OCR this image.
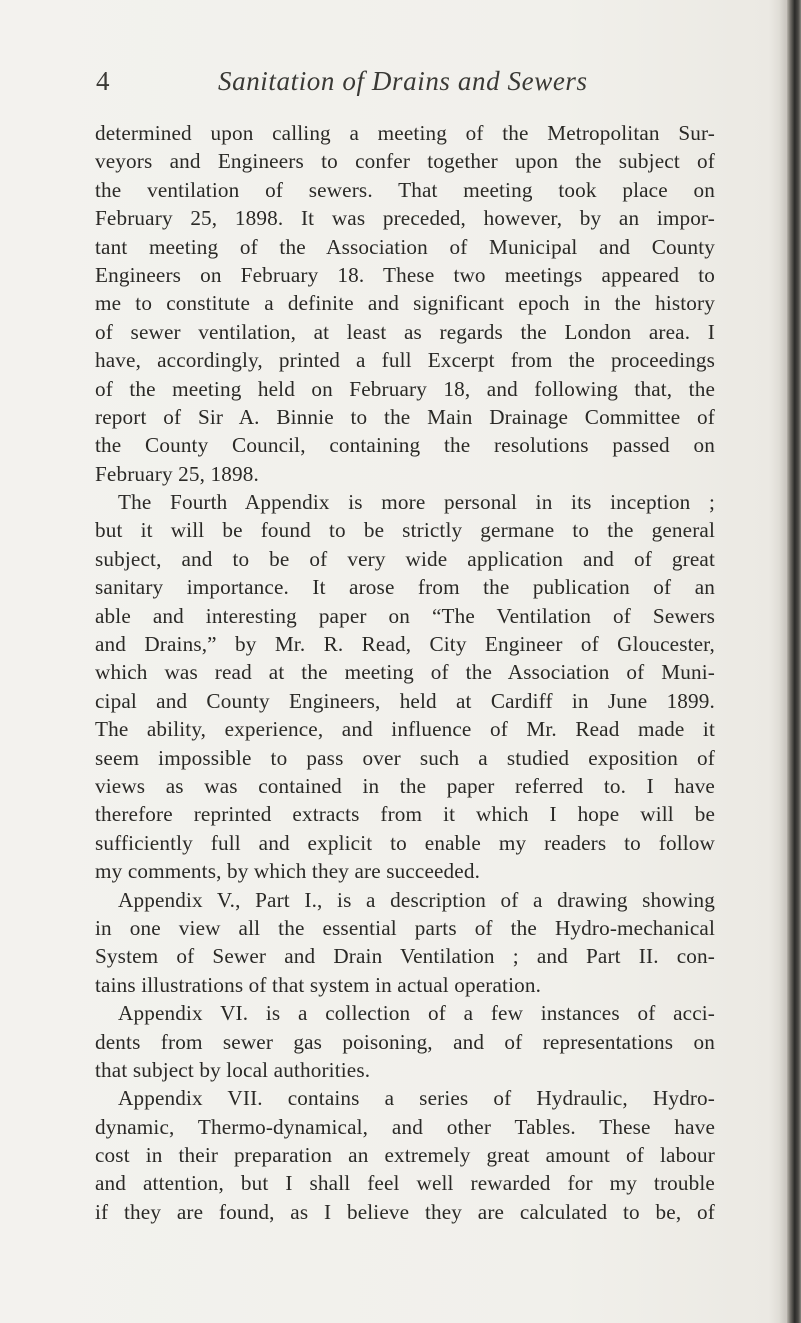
4	Sanitation of Drains and Sewers
determined upon calling a meeting of the Metropolitan Sur-
veyors and Engineers to confer together upon the subject of
the ventilation of sewers. That meeting took place on
February 25, 1898. It was preceded, however, by an impor-
tant meeting of the Association of Municipal and County
Engineers on February 18. These two meetings appeared to
me to constitute a definite and significant epoch in the history
of sewer ventilation, at least as regards the London area. I
have, accordingly, printed a full Excerpt from the proceedings
of the meeting held on February 18, and following that, the
report of Sir A. Binnie to the Main Drainage Committee of
the County Council, containing the resolutions passed on
February 25, 1898.
The Fourth Appendix is more personal in its inception ;
but it will be found to be strictly germane to the general
subject, and to be of very wide application and of great
sanitary importance. It arose from the publication of an
able and interesting paper on “The Ventilation of Sewers
and Drains,” by Mr. R. Read, City Engineer of Gloucester,
which was read at the meeting of the Association of Muni-
cipal and County Engineers, held at Cardiff in June 1899.
The ability, experience, and influence of Mr. Read made it
seem impossible to pass over such a studied exposition of
views as was contained in the paper referred to. I have
therefore reprinted extracts from it which I hope will be
sufficiently full and explicit to enable my readers to follow
my comments, by which they are succeeded.
Appendix V., Part I., is a description of a drawing showing
in one view all the essential parts of the Hydro-mechanical
System of Sewer and Drain Ventilation ; and Part II. con-
tains illustrations of that system in actual operation.
Appendix VI. is a collection of a few instances of acci-
dents from sewer gas poisoning, and of representations on
that subject by local authorities.
Appendix VII. contains a series of Hydraulic, Hydro-
dynamic, Thermo-dynamical, and other Tables. These have
cost in their preparation an extremely great amount of labour
and attention, but I shall feel well rewarded for my trouble
if they are found, as I believe they are calculated to be, of
